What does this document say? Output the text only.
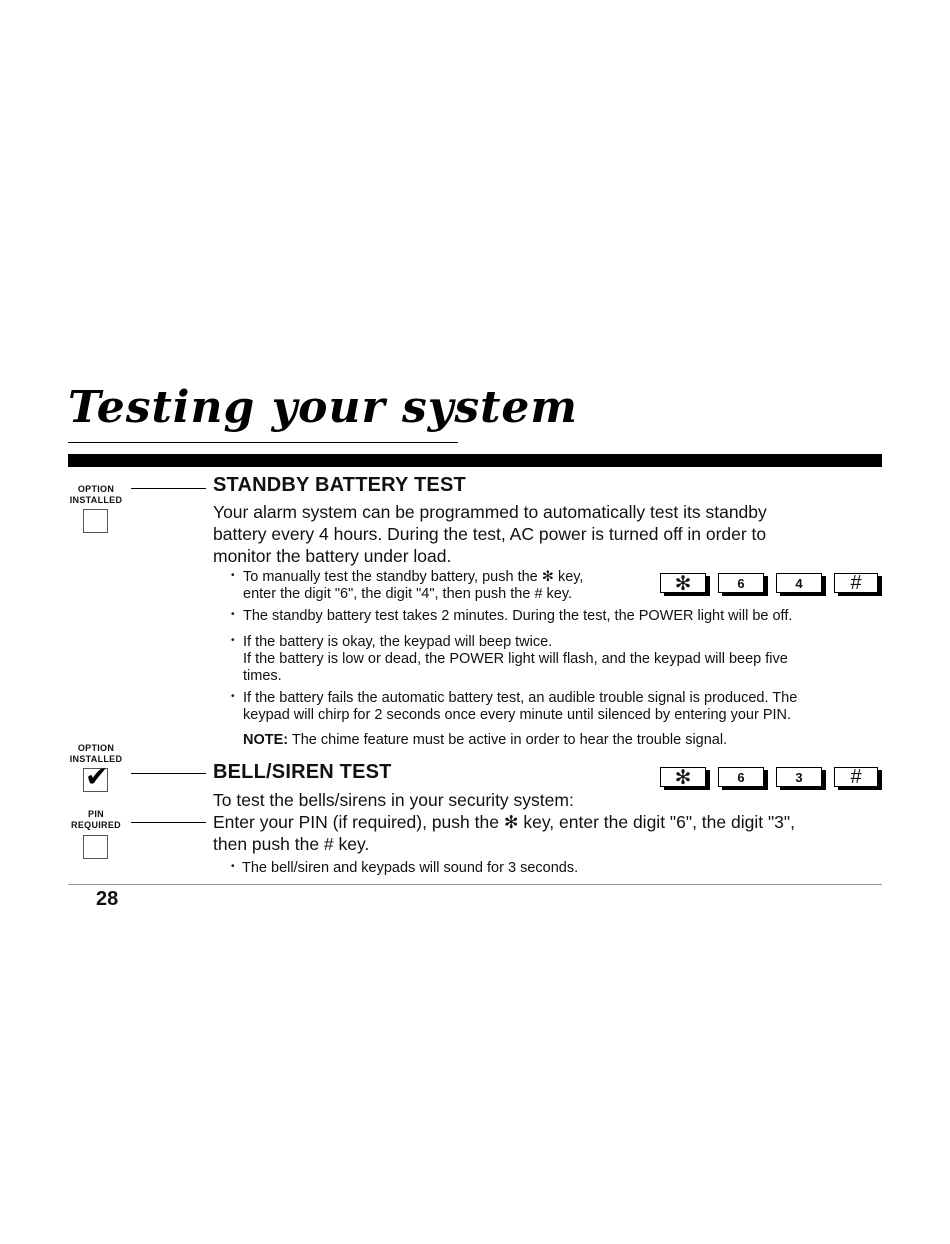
Testing your system
OPTION
INSTALLED
STANDBY BATTERY TEST
Your alarm system can be programmed to automatically test its standby
battery every 4 hours. During the test, AC power is turned off in order to
monitor the battery under load.
• To manually test the standby battery, push the ✻ key,
enter the digit "6", the digit "4", then push the # key.
• The standby battery test takes 2 minutes. During the test, the POWER light will be off.
• If the battery is okay, the keypad will beep twice.
If the battery is low or dead, the POWER light will flash, and the keypad will beep five
times.
• If the battery fails the automatic battery test, an audible trouble signal is produced. The
keypad will chirp for 2 seconds once every minute until silenced by entering your PIN.
NOTE: The chime feature must be active in order to hear the trouble signal.
✻	6	4	#
OPTION
INSTALLED
✔
PIN
REQUIRED
BELL/SIREN TEST	✻	6	3	#
To test the bells/sirens in your security system:
Enter your PIN (if required), push the ✻ key, enter the digit "6", the digit "3",
then push the # key.
• The bell/siren and keypads will sound for 3 seconds.
28
